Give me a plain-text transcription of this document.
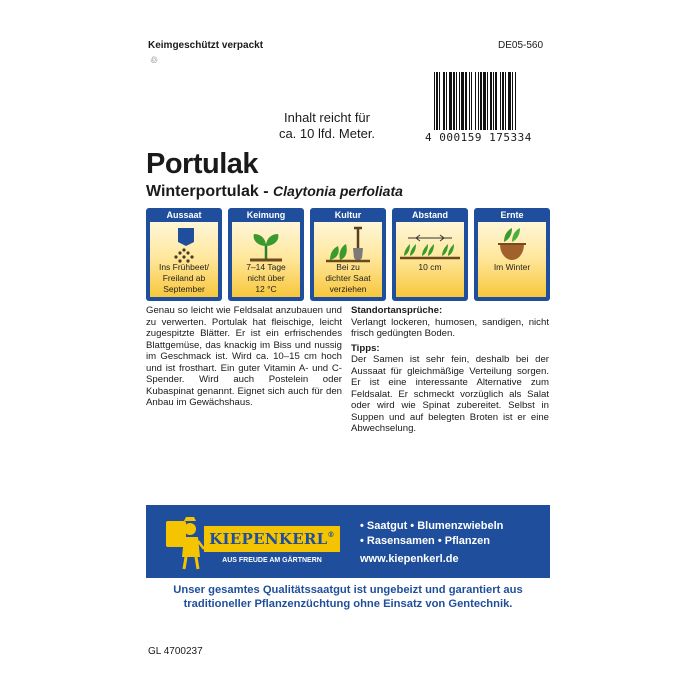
Keimgeschützt verpackt
♲
DE05-560
4 000159 175334
Inhalt reicht für
ca. 10 lfd. Meter.
Portulak
Winterportulak - Claytonia perfoliata
Aussaat
Ins Frühbeet/
Freiland ab
September
Keimung
7–14 Tage
nicht über
12 °C
Kultur
Bei zu
dichter Saat
verziehen
Abstand
10 cm
Ernte
Im Winter
Genau so leicht wie Feldsalat anzubauen und zu verwerten. Portulak hat fleischige, leicht zugespitzte Blätter. Er ist ein erfrischendes Blattgemüse, das knackig im Biss und nussig im Geschmack ist. Wird ca. 10–15 cm hoch und ist frosthart. Ein guter Vitamin A- und C- Spender. Wird auch Postelein oder Kubaspinat genannt. Eignet sich auch für den Anbau im Gewächshaus.
Standortansprüche:
Verlangt lockeren, humosen, sandigen, nicht frisch gedüngten Boden.
Tipps:
Der Samen ist sehr fein, deshalb bei der Aussaat für gleichmäßige Verteilung sorgen. Er ist eine interessante Alternative zum Feldsalat. Er schmeckt vorzüglich als Salat oder wird wie Spinat zubereitet. Selbst in Suppen und auf belegten Broten ist er eine Abwechselung.
KIEPENKERL®
AUS FREUDE AM GÄRTNERN
• Saatgut • Blumenzwiebeln
• Rasensamen • Pflanzen
www.kiepenkerl.de
Unser gesamtes Qualitätssaatgut ist ungebeizt und garantiert aus
traditioneller Pflanzenzüchtung ohne Einsatz von Gentechnik.
GL 4700237
